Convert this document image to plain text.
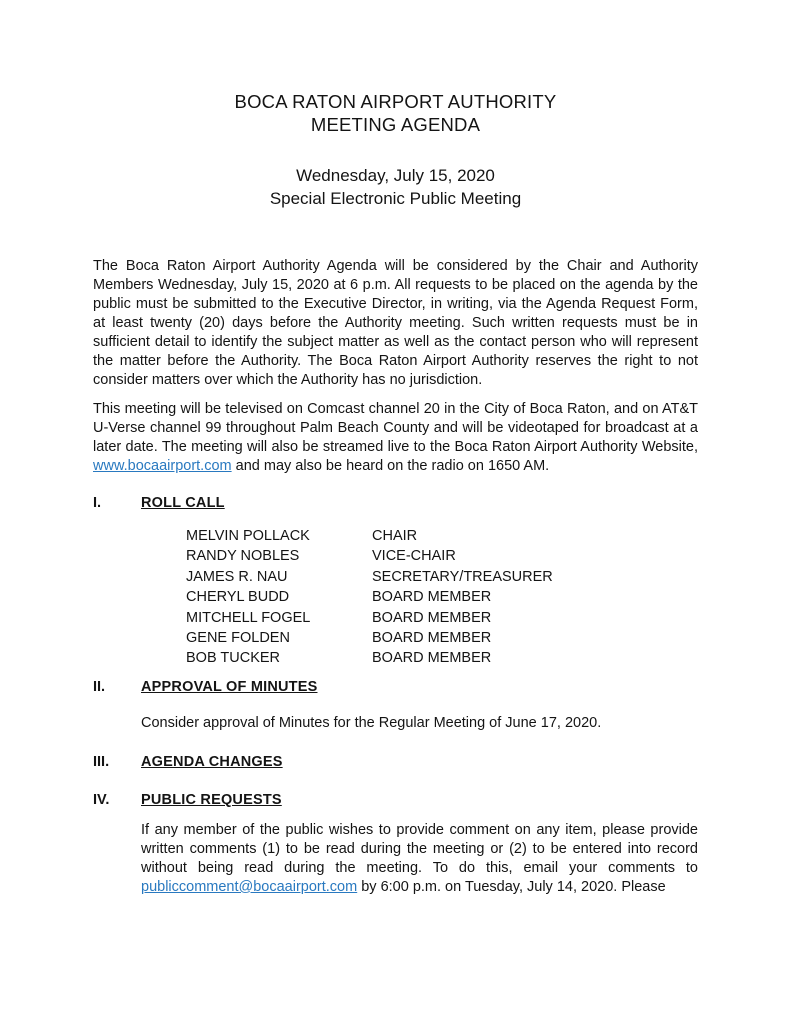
BOCA RATON AIRPORT AUTHORITY
MEETING AGENDA
Wednesday, July 15, 2020
Special Electronic Public Meeting

The Boca Raton Airport Authority Agenda will be considered by the Chair and Authority Members Wednesday, July 15, 2020 at 6 p.m. All requests to be placed on the agenda by the public must be submitted to the Executive Director, in writing, via the Agenda Request Form, at least twenty (20) days before the Authority meeting. Such written requests must be in sufficient detail to identify the subject matter as well as the contact person who will represent the matter before the Authority. The Boca Raton Airport Authority reserves the right to not consider matters over which the Authority has no jurisdiction.

This meeting will be televised on Comcast channel 20 in the City of Boca Raton, and on AT&T U-Verse channel 99 throughout Palm Beach County and will be videotaped for broadcast at a later date. The meeting will also be streamed live to the Boca Raton Airport Authority Website, www.bocaairport.com and may also be heard on the radio on 1650 AM.

I.	ROLL CALL
MELVIN POLLACK	CHAIR
RANDY NOBLES	VICE-CHAIR
JAMES R. NAU	SECRETARY/TREASURER
CHERYL BUDD	BOARD MEMBER
MITCHELL FOGEL	BOARD MEMBER
GENE FOLDEN	BOARD MEMBER
BOB TUCKER	BOARD MEMBER
II.	APPROVAL OF MINUTES
Consider approval of Minutes for the Regular Meeting of June 17, 2020.
III.	AGENDA CHANGES
IV.	PUBLIC REQUESTS

If any member of the public wishes to provide comment on any item, please provide written comments (1) to be read during the meeting or (2) to be entered into record without being read during the meeting. To do this, email your comments to publiccomment@bocaairport.com by 6:00 p.m. on Tuesday, July 14, 2020. Please
